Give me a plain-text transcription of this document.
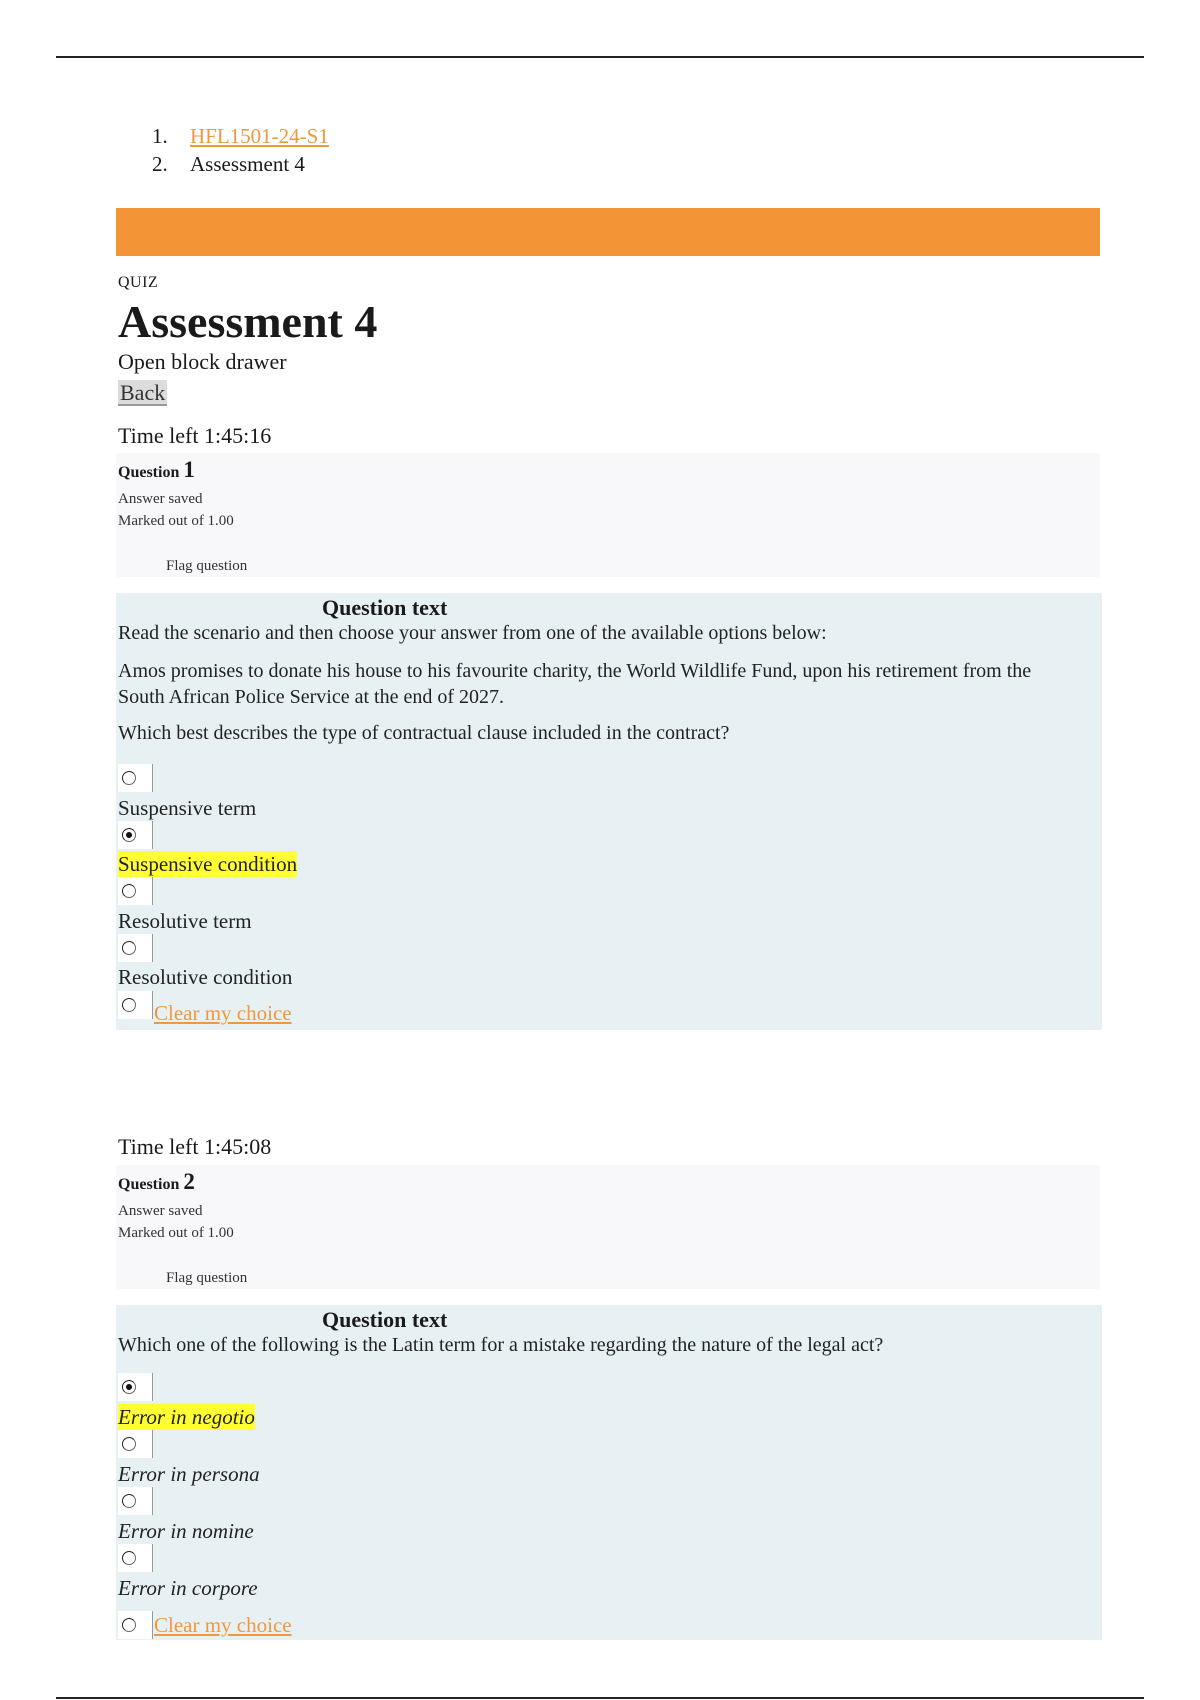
1. HFL1501-24-S1
2. Assessment 4
QUIZ
Assessment 4
Open block drawer
Back
Time left 1:45:16
Question 1
Answer saved
Marked out of 1.00
Flag question
Question text
Read the scenario and then choose your answer from one of the available options below:
Amos promises to donate his house to his favourite charity, the World Wildlife Fund, upon his retirement from the South African Police Service at the end of 2027.
Which best describes the type of contractual clause included in the contract?
Suspensive term
Suspensive condition
Resolutive term
Resolutive condition
Clear my choice
Time left 1:45:08
Question 2
Answer saved
Marked out of 1.00
Flag question
Question text
Which one of the following is the Latin term for a mistake regarding the nature of the legal act?
Error in negotio
Error in persona
Error in nomine
Error in corpore
Clear my choice
